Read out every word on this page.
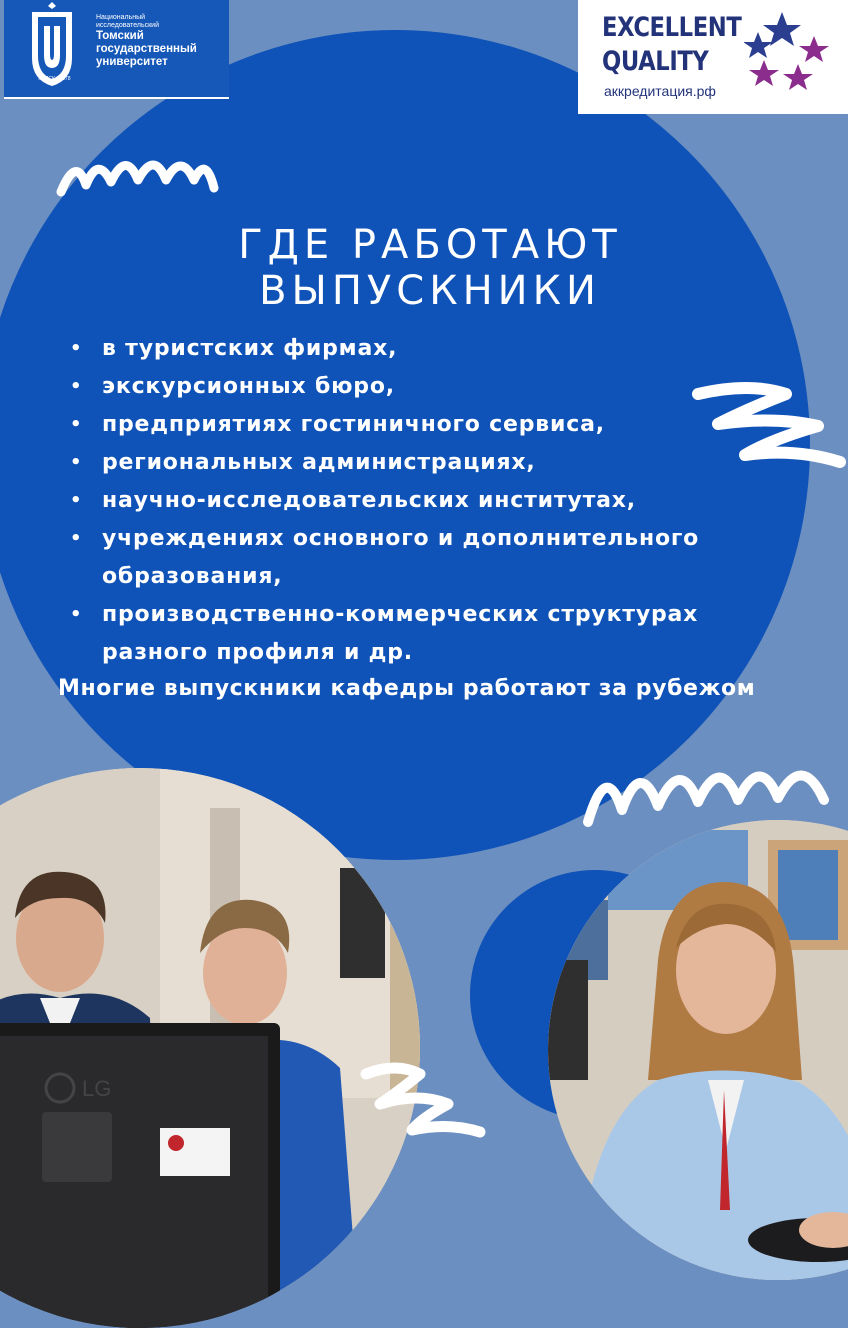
Национальный исследовательский
Томский государственный университет
ТОМСК · 1878
EXCELLENT
QUALITY
аккредитация.рф
LG
ГДЕ РАБОТАЮТ ВЫПУСКНИКИ
• в туристских фирмах,
• экскурсионных бюро,
• предприятиях гостиничного сервиса,
• региональных администрациях,
• научно-исследовательских институтах,
• учреждениях основного и дополнительного образования,
• производственно-коммерческих структурах разного профиля и др.
Многие выпускники кафедры работают за рубежом
